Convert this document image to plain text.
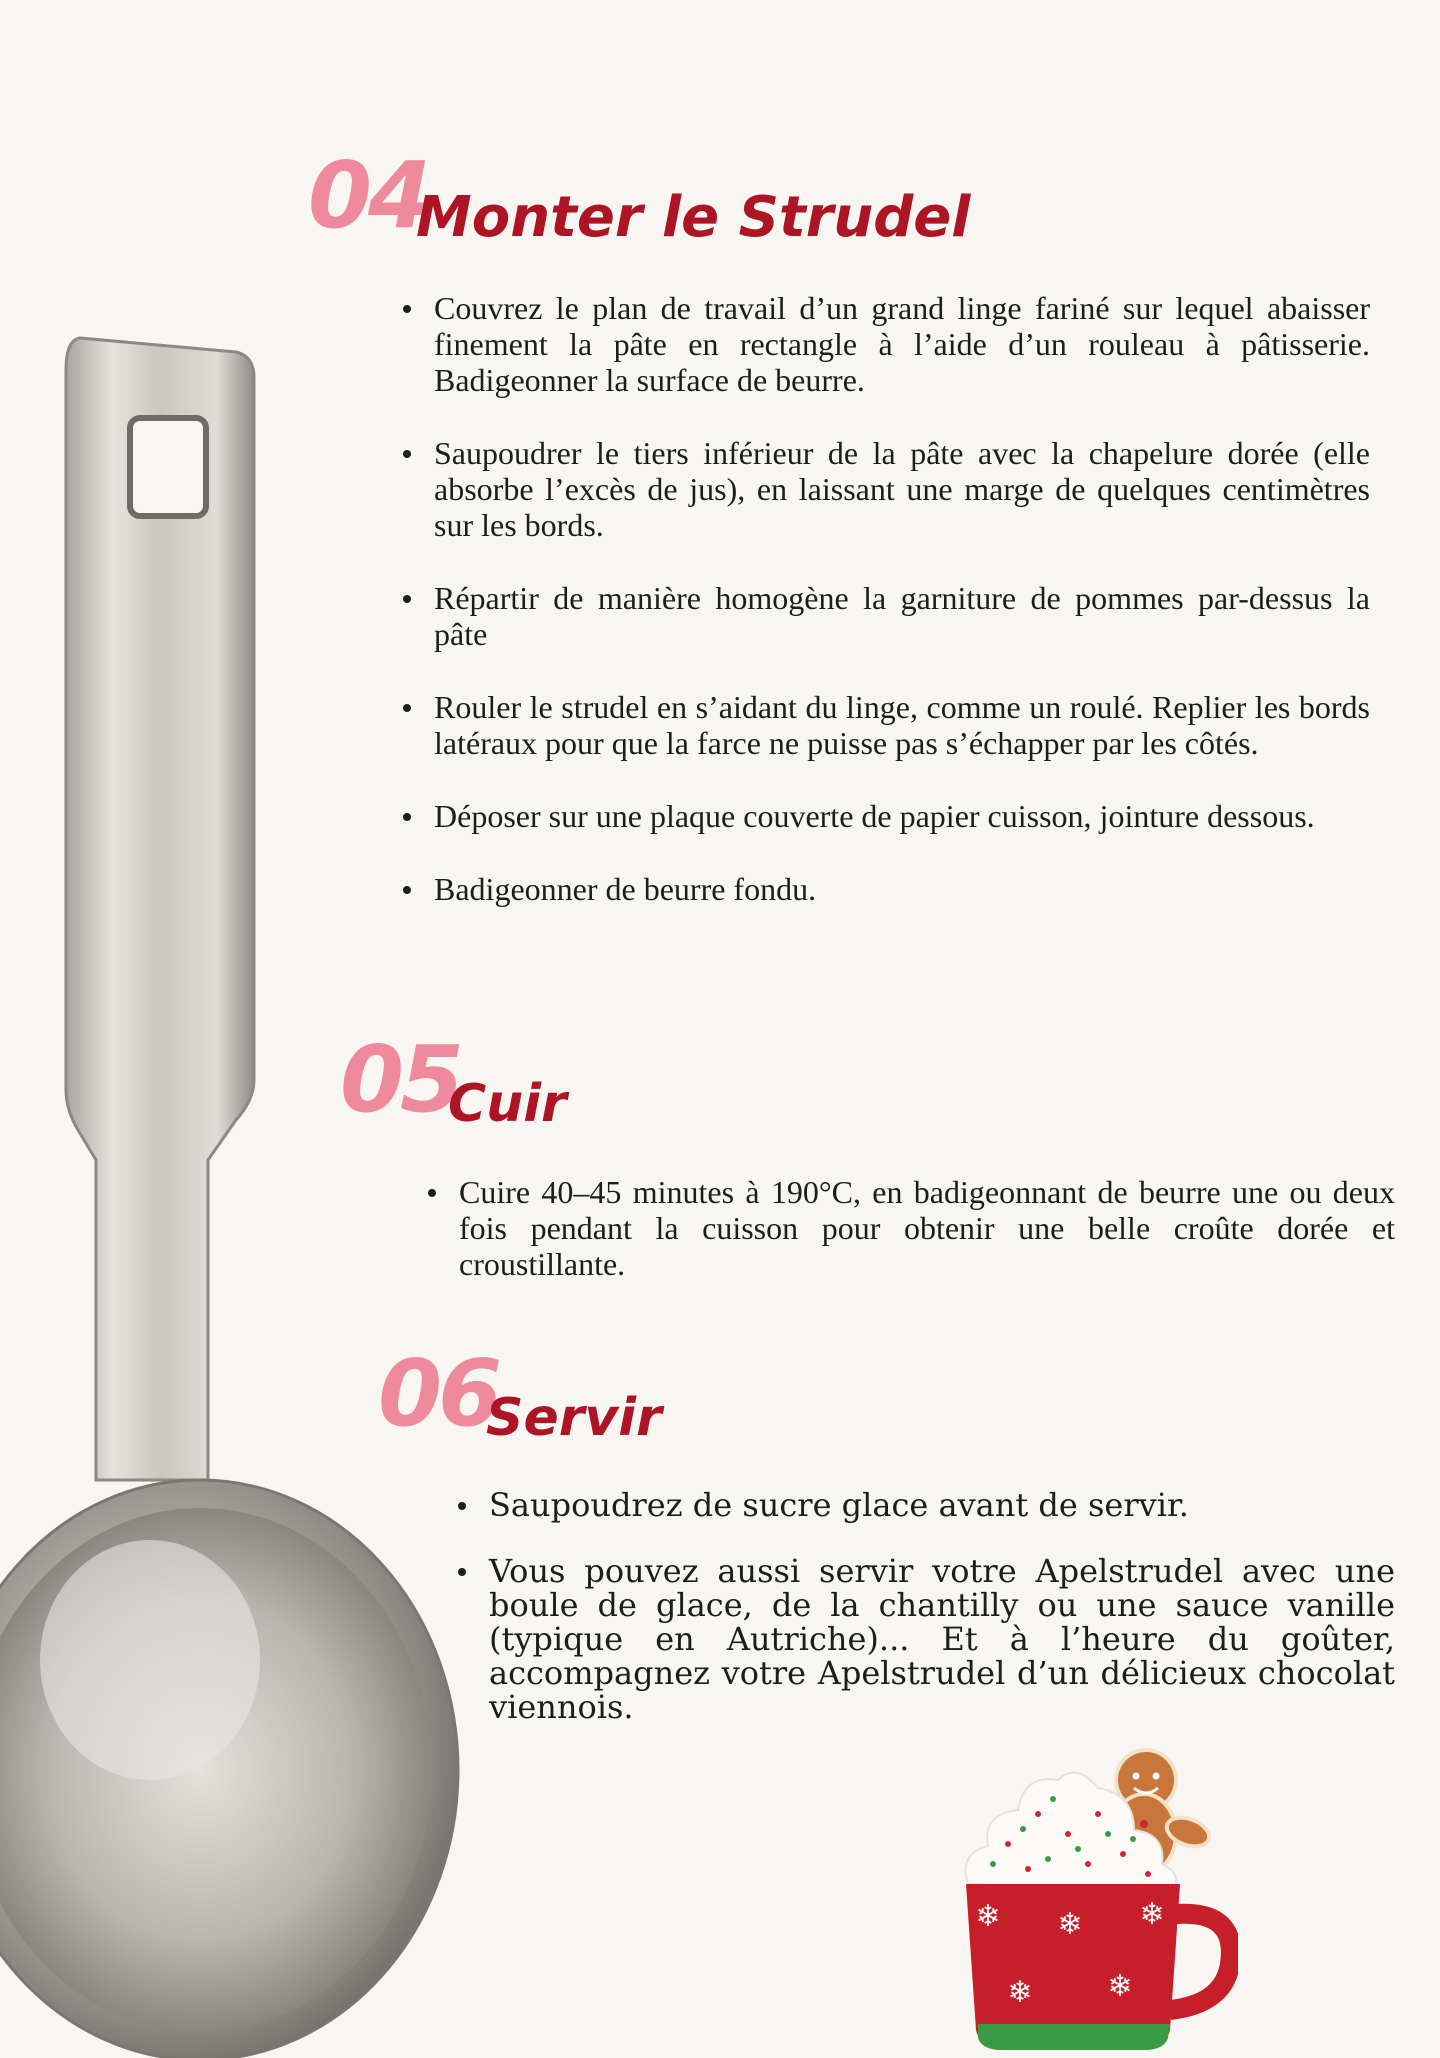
04
Monter le Strudel
Couvrez le plan de travail d’un grand linge fariné sur lequel abaisser finement la pâte en rectangle à l’aide d’un rouleau à pâtisserie. Badigeonner la surface de beurre.
Saupoudrer le tiers inférieur de la pâte avec la chapelure dorée (elle absorbe l’excès de jus), en laissant une marge de quelques centimètres sur les bords.
Répartir de manière homogène la garniture de pommes par-dessus la pâte
Rouler le strudel en s’aidant du linge, comme un roulé. Replier les bords latéraux pour que la farce ne puisse pas s’échapper par les côtés.
Déposer sur une plaque couverte de papier cuisson, jointure dessous.
Badigeonner de beurre fondu.
05
Cuir
Cuire 40–45 minutes à 190°C, en badigeonnant de beurre une ou deux fois pendant la cuisson pour obtenir une belle croûte dorée et croustillante.
06
Servir
Saupoudrez de sucre glace avant de servir.
Vous pouvez aussi servir votre Apelstrudel avec une boule de glace, de la chantilly ou une sauce vanille (typique en Autriche)... Et à l’heure du goûter, accompagnez votre Apelstrudel d’un délicieux chocolat viennois.
❄ ❄ ❄
❄ ❄
